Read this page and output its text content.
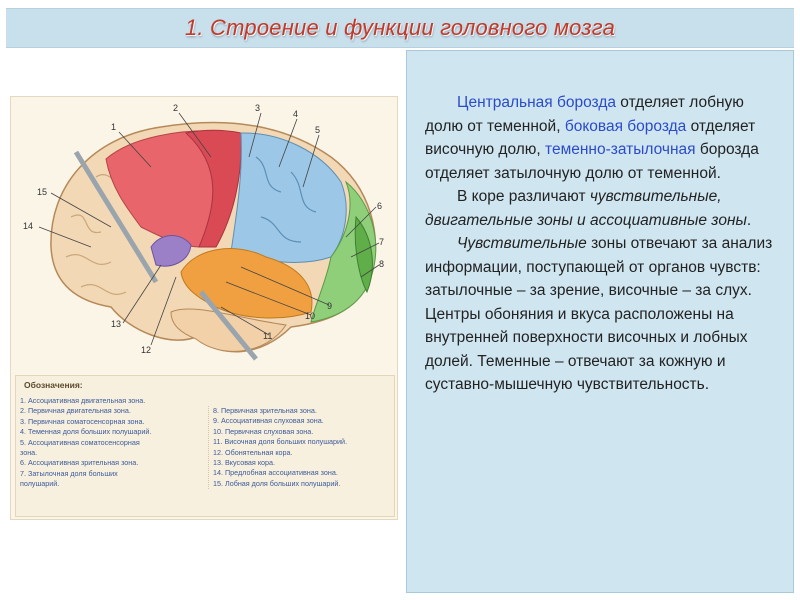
1. Строение и функции головного мозга
1
2	3
4
5
6
7
8
9
10
11
12
13
14
15
Обозначения:
1. Ассоциативная двигательная зона.
2. Первичная двигательная зона.
3. Первичная соматосенсорная зона.
4. Теменная доля больших полушарий.
5. Ассоциативная соматосенсорная
зона.
6. Ассоциативная зрительная зона.
7. Затылочная доля больших
полушарий.
8. Первичная зрительная зона.
9. Ассоциативная слуховая зона.
10. Первичная слуховая зона.
11. Височная доля больших полушарий.
12. Обонятельная кора.
13. Вкусовая кора.
14. Предлобная ассоциативная зона.
15. Лобная доля больших полушарий.

Центральная борозда отделяет лобную долю от теменной, боковая борозда отделяет височную долю, теменно-затылочная борозда отделяет затылочную долю от теменной.

В коре различают чувствительные, двигательные зоны и ассоциативные зоны.

Чувствительные зоны отвечают за анализ информации, поступающей от органов чувств: затылочные – за зрение, височные – за слух. Центры обоняния и вкуса расположены на внутренней поверхности височных и лобных долей. Теменные – отвечают за кожную и суставно-мышечную чувствительность.
